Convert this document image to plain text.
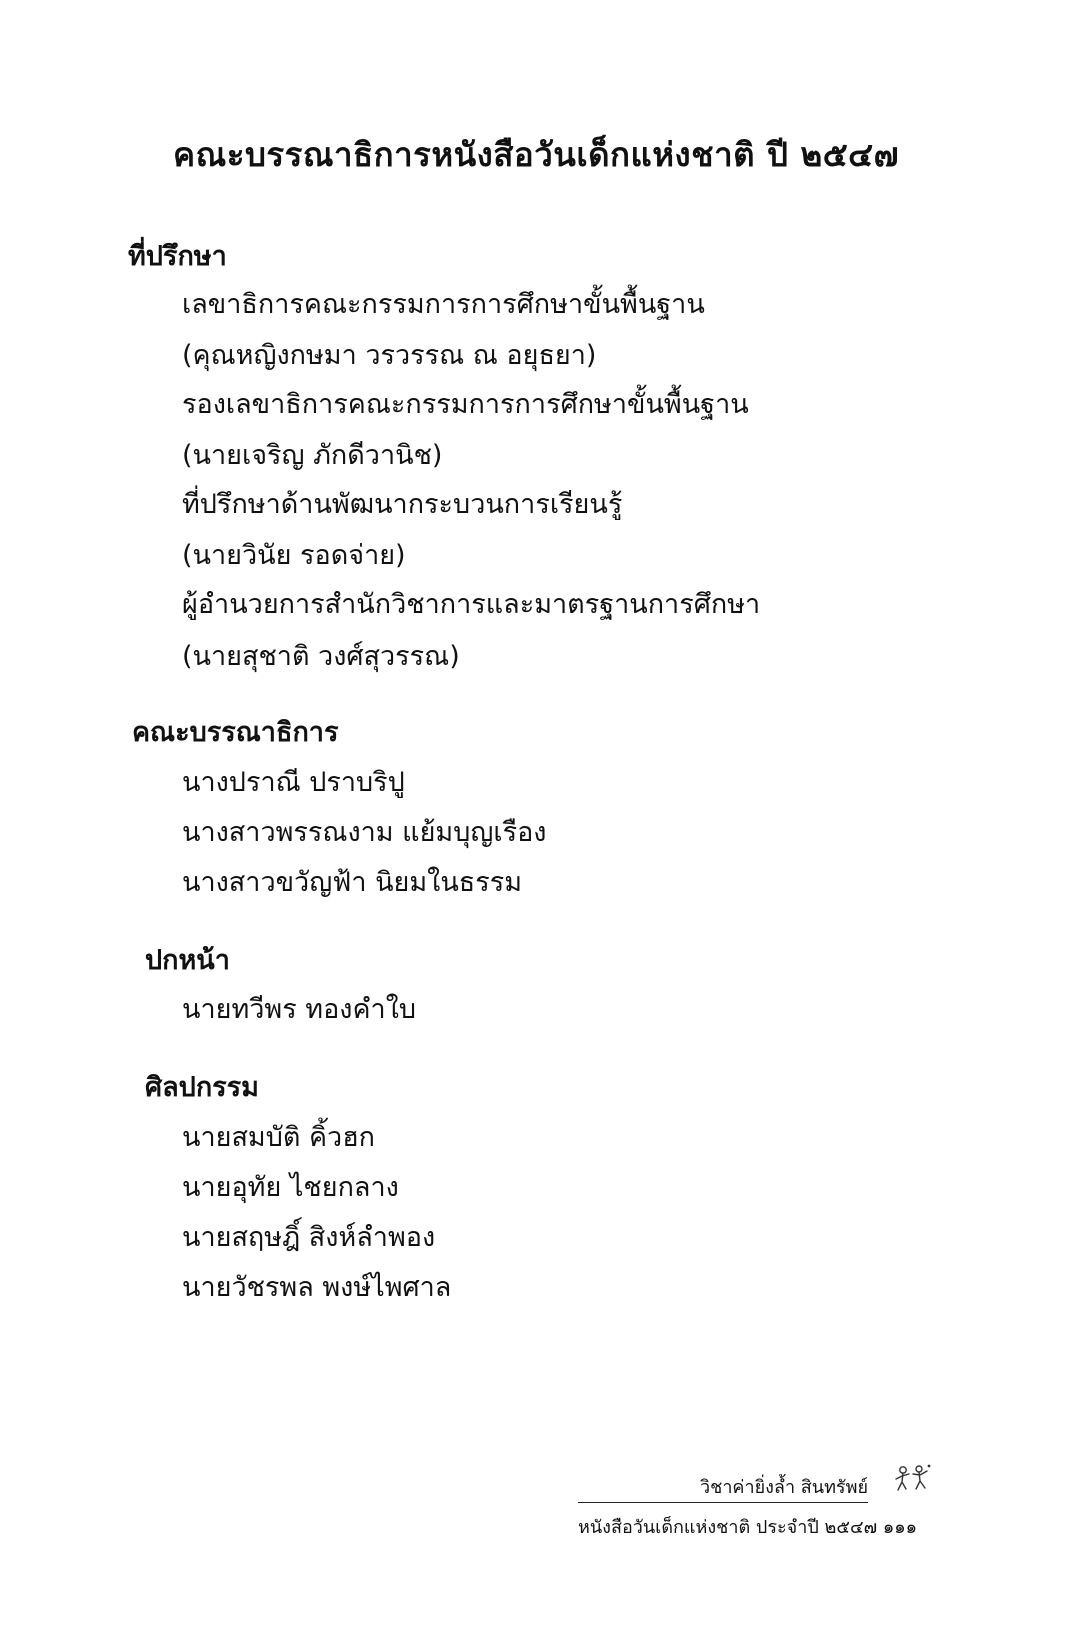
คณะบรรณาธิการหนังสือวันเด็กแห่งชาติ ปี ๒๕๔๗
ที่ปรึกษา
เลขาธิการคณะกรรมการการศึกษาขั้นพื้นฐาน
(คุณหญิงกษมา วรวรรณ ณ อยุธยา)
รองเลขาธิการคณะกรรมการการศึกษาขั้นพื้นฐาน
(นายเจริญ ภักดีวานิช)
ที่ปรึกษาด้านพัฒนากระบวนการเรียนรู้
(นายวินัย รอดจ่าย)
ผู้อำนวยการสำนักวิชาการและมาตรฐานการศึกษา
(นายสุชาติ วงศ์สุวรรณ)
คณะบรรณาธิการ
นางปราณี ปราบริปู
นางสาวพรรณงาม แย้มบุญเรือง
นางสาวขวัญฟ้า นิยมในธรรม
ปกหน้า
นายทวีพร ทองคำใบ
ศิลปกรรม
นายสมบัติ คิ้วฮก
นายอุทัย ไชยกลาง
นายสฤษฎิ์ สิงห์ลำพอง
นายวัชรพล พงษ์ไพศาล
วิชาค่ายิ่งล้ำ สินทรัพย์
หนังสือวันเด็กแห่งชาติ ประจำปี ๒๕๔๗ ๑๑๑
